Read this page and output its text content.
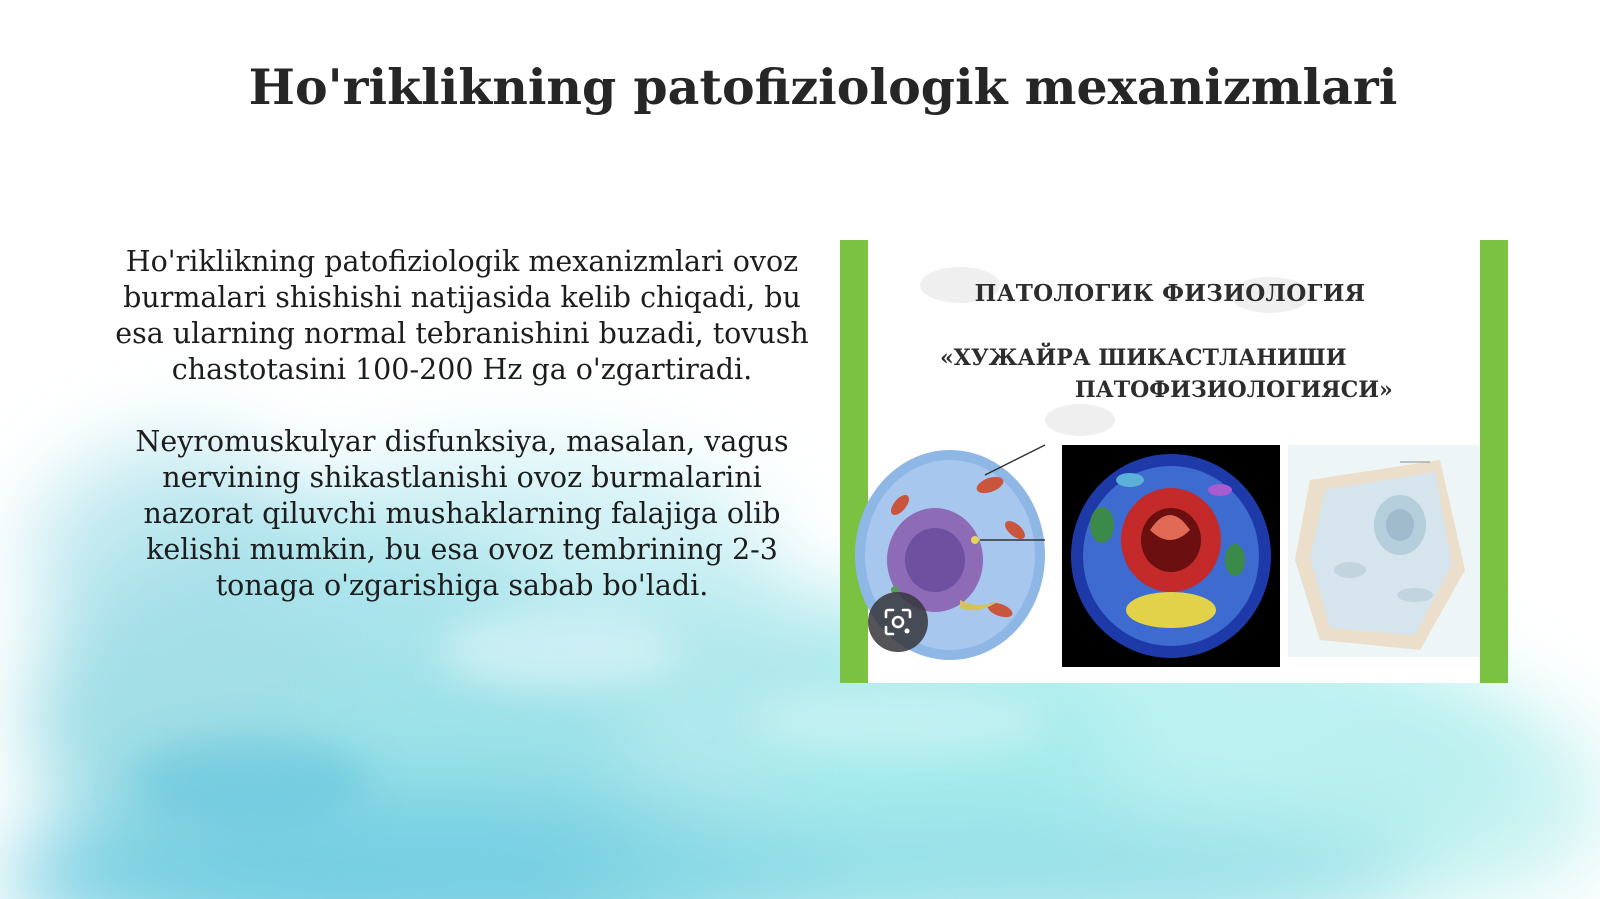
Ho'riklikning patofiziologik mexanizmlari

Ho'riklikning patofiziologik mexanizmlari ovoz burmalari shishishi natijasida kelib chiqadi, bu esa ularning normal tebranishini buzadi, tovush chastotasini 100-200 Hz ga o'zgartiradi.

Neyromuskulyar disfunksiya, masalan, vagus nervining shikastlanishi ovoz burmalarini nazorat qiluvchi mushaklarning falajiga olib kelishi mumkin, bu esa ovoz tembrining 2-3 tonaga o'zgarishiga sabab bo'ladi.

ПАТОЛОГИК ФИЗИОЛОГИЯ
«ХУЖАЙРА ШИКАСТЛАНИШИ
ПАТОФИЗИОЛОГИЯСИ»
